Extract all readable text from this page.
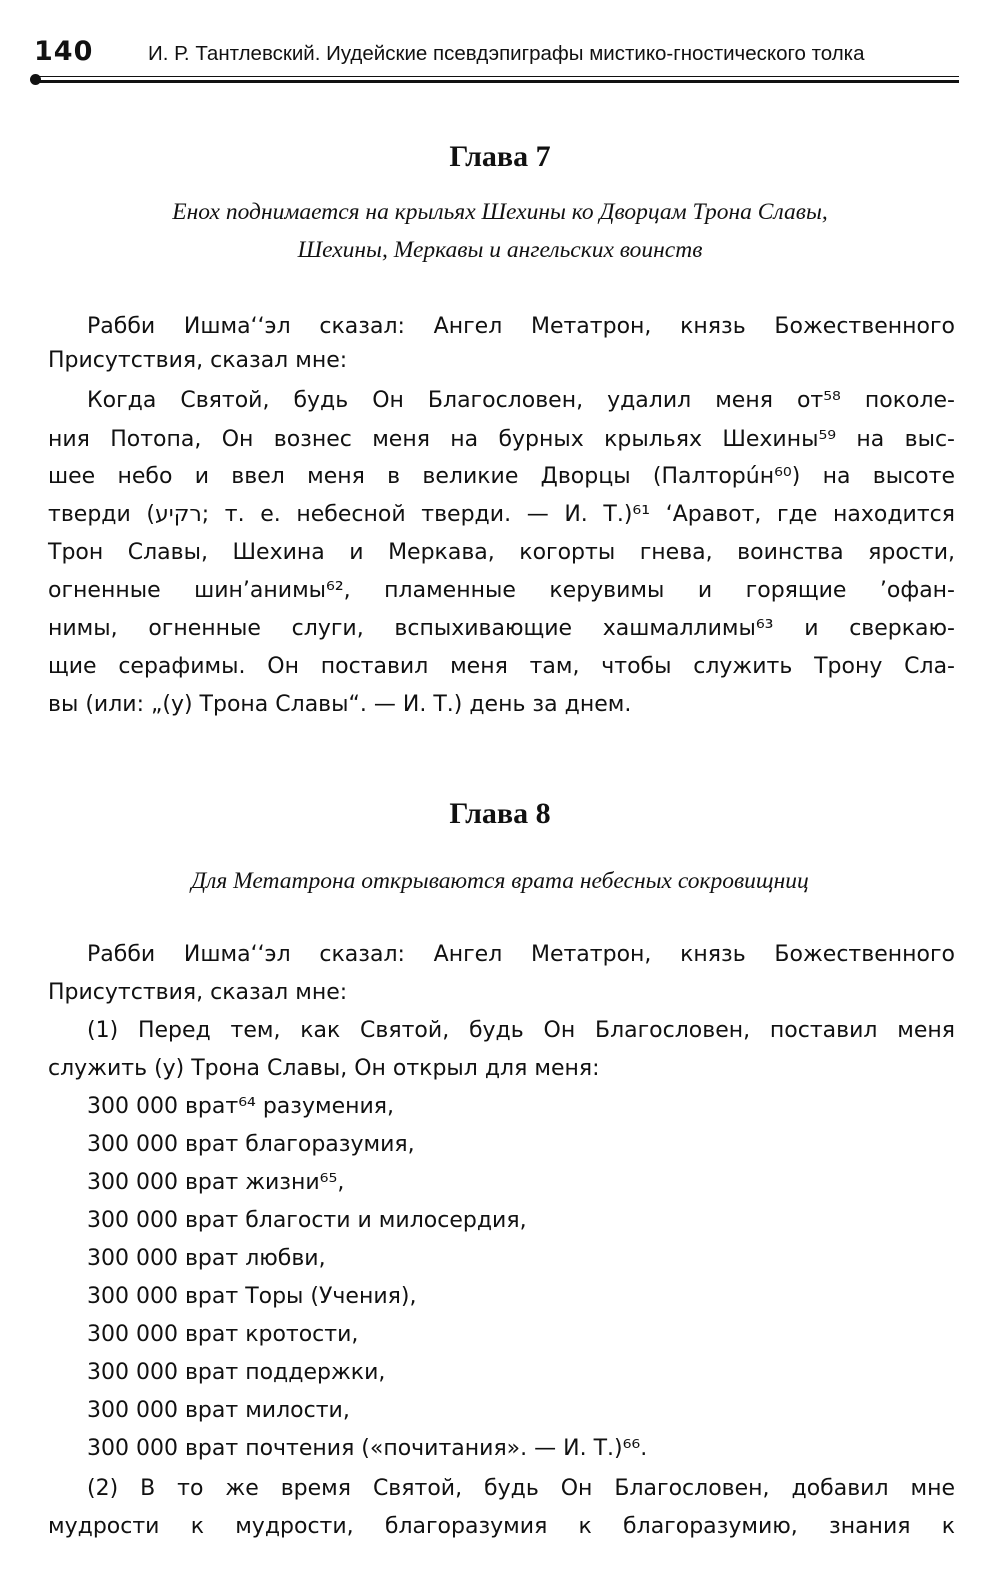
140	И. Р. Тантлевский. Иудейские псевдэпиграфы мистико-гностического толка
Глава 7
Енох поднимается на крыльях Шехины ко Дворцам Трона Славы,
Шехины, Меркавы и ангельских воинств
Рабби Ишма‘‘эл сказал: Ангел Метатрон, князь Божественного
Присутствия, сказал мне:
Когда Святой, будь Он Благословен, удалил меня от⁵⁸ поколе-
ния Потопа, Он вознес меня на бурных крыльях Шехины⁵⁹ на выс-
шее небо и ввел меня в великие Дворцы (Палторúн⁶⁰) на высоте
тверди (רקיע; т. е. небесной тверди. — И. Т.)⁶¹ ‘Аравот, где находится
Трон Славы, Шехина и Меркава, когорты гнева, воинства ярости,
огненные шин’анимы⁶², пламенные керувимы и горящие ’офан-
нимы, огненные слуги, вспыхивающие хашмаллимы⁶³ и сверкаю-
щие серафимы. Он поставил меня там, чтобы служить Трону Сла-
вы (или: „(у) Трона Славы“. — И. Т.) день за днем.
Глава 8
Для Метатрона открываются врата небесных сокровищниц
Рабби Ишма‘‘эл сказал: Ангел Метатрон, князь Божественного
Присутствия, сказал мне:
(1) Перед тем, как Святой, будь Он Благословен, поставил меня
служить (у) Трона Славы, Он открыл для меня:
300 000 врат⁶⁴ разумения,
300 000 врат благоразумия,
300 000 врат жизни⁶⁵,
300 000 врат благости и милосердия,
300 000 врат любви,
300 000 врат Торы (Учения),
300 000 врат кротости,
300 000 врат поддержки,
300 000 врат милости,
300 000 врат почтения («почитания». — И. Т.)⁶⁶.
(2) В то же время Святой, будь Он Благословен, добавил мне
мудрости к мудрости, благоразумия к благоразумию, знания к
